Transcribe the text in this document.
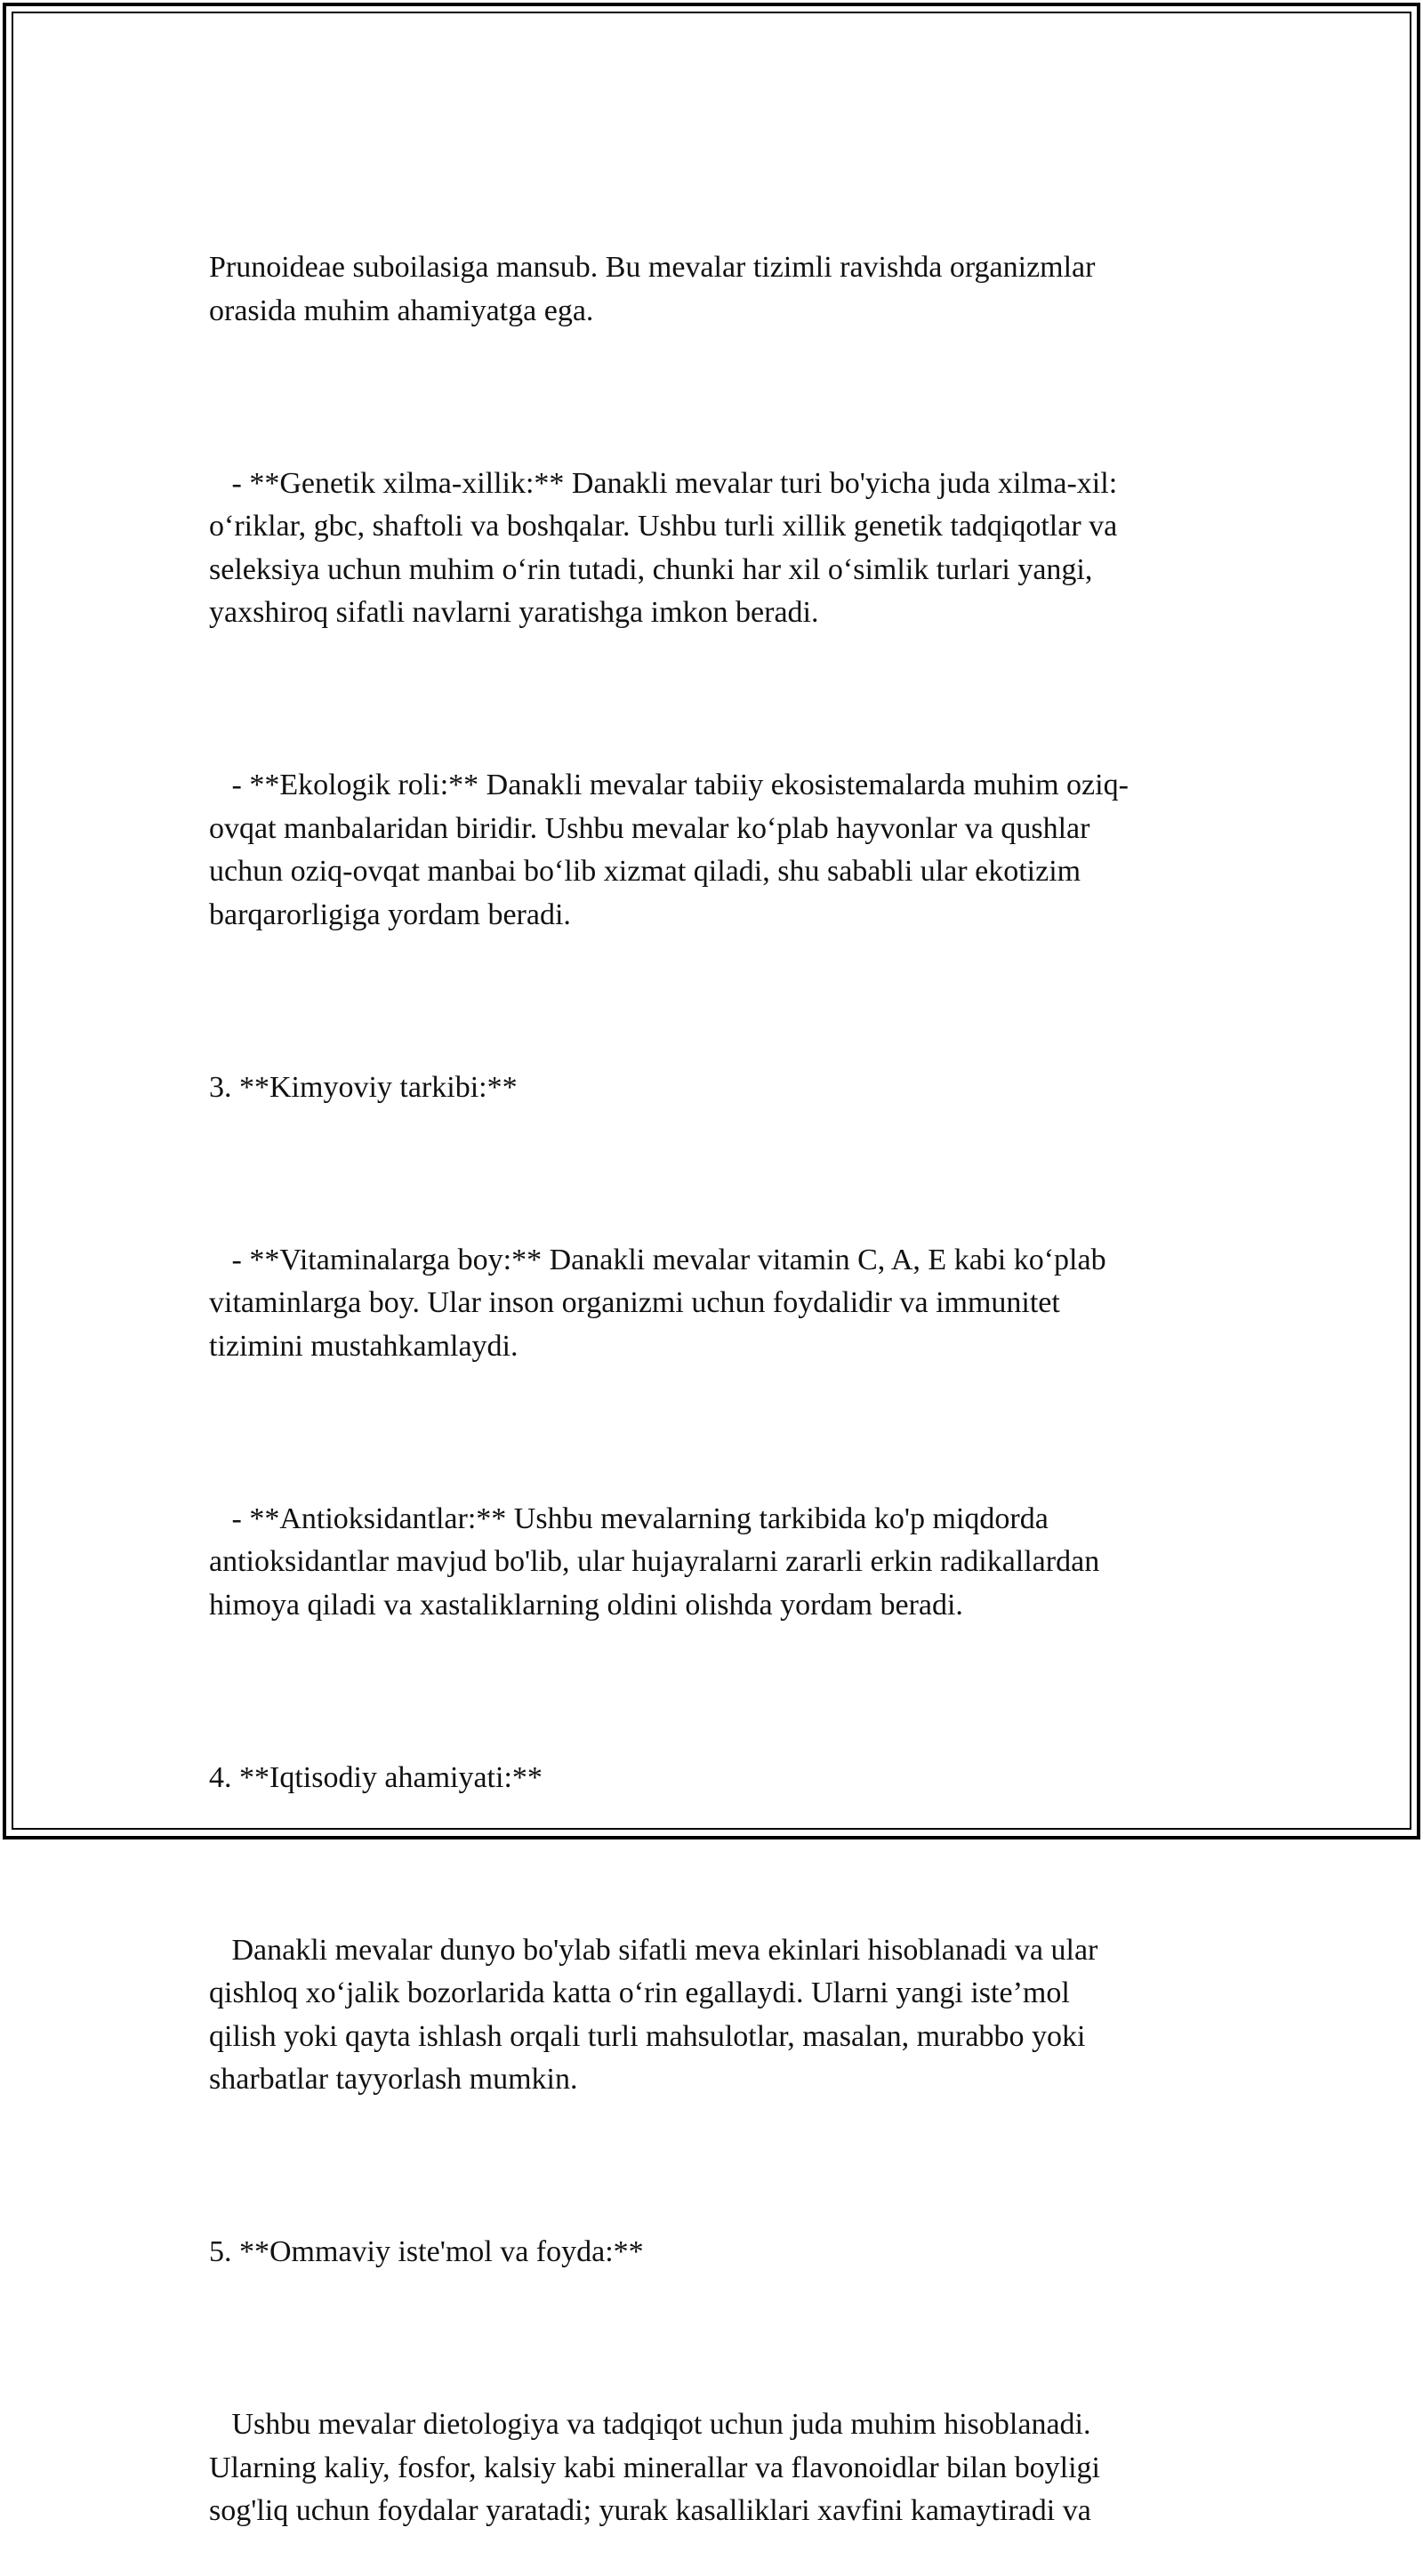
Prunoideae suboilasiga mansub. Bu mevalar tizimli ravishda organizmlar
orasida muhim ahamiyatga ega.

- **Genetik xilma-xillik:** Danakli mevalar turi bo'yicha juda xilma-xil:
o‘riklar, gbc, shaftoli va boshqalar. Ushbu turli xillik genetik tadqiqotlar va
seleksiya uchun muhim o‘rin tutadi, chunki har xil o‘simlik turlari yangi,
yaxshiroq sifatli navlarni yaratishga imkon beradi.

- **Ekologik roli:** Danakli mevalar tabiiy ekosistemalarda muhim oziq-
ovqat manbalaridan biridir. Ushbu mevalar ko‘plab hayvonlar va qushlar
uchun oziq-ovqat manbai bo‘lib xizmat qiladi, shu sababli ular ekotizim
barqarorligiga yordam beradi.

3. **Kimyoviy tarkibi:**

- **Vitaminalarga boy:** Danakli mevalar vitamin C, A, E kabi ko‘plab
vitaminlarga boy. Ular inson organizmi uchun foydalidir va immunitet
tizimini mustahkamlaydi.

- **Antioksidantlar:** Ushbu mevalarning tarkibida ko'p miqdorda
antioksidantlar mavjud bo'lib, ular hujayralarni zararli erkin radikallardan
himoya qiladi va xastaliklarning oldini olishda yordam beradi.

4. **Iqtisodiy ahamiyati:**

Danakli mevalar dunyo bo'ylab sifatli meva ekinlari hisoblanadi va ular
qishloq xo‘jalik bozorlarida katta o‘rin egallaydi. Ularni yangi iste’mol
qilish yoki qayta ishlash orqali turli mahsulotlar, masalan, murabbo yoki
sharbatlar tayyorlash mumkin.

5. **Ommaviy iste'mol va foyda:**

Ushbu mevalar dietologiya va tadqiqot uchun juda muhim hisoblanadi.
Ularning kaliy, fosfor, kalsiy kabi minerallar va flavonoidlar bilan boyligi
sog'liq uchun foydalar yaratadi; yurak kasalliklari xavfini kamaytiradi va
